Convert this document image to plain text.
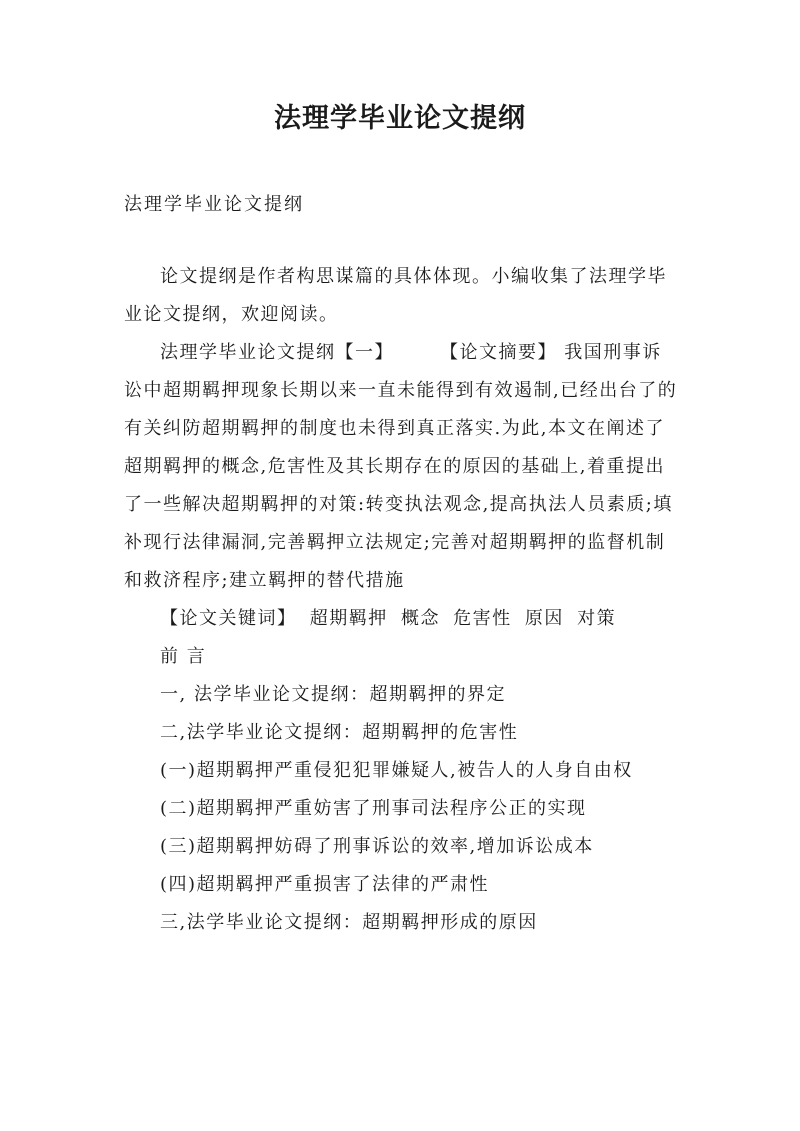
法理学毕业论文提纲
法理学毕业论文提纲

论文提纲是作者构思谋篇的具体体现。小编收集了法理学毕业论文提纲，欢迎阅读。

法理学毕业论文提纲【一】	【论文摘要】 我国刑事诉讼中超期羁押现象长期以来一直未能得到有效遏制,已经出台了的有关纠防超期羁押的制度也未得到真正落实.为此,本文在阐述了超期羁押的概念,危害性及其长期存在的原因的基础上,着重提出了一些解决超期羁押的对策:转变执法观念,提高执法人员素质;填补现行法律漏洞,完善羁押立法规定;完善对超期羁押的监督机制和救济程序;建立羁押的替代措施

【论文关键词】 超期羁押 概念 危害性 原因 对策

前 言

一, 法学毕业论文提纲：超期羁押的界定

二,法学毕业论文提纲：超期羁押的危害性

(一)超期羁押严重侵犯犯罪嫌疑人,被告人的人身自由权

(二)超期羁押严重妨害了刑事司法程序公正的实现

(三)超期羁押妨碍了刑事诉讼的效率,增加诉讼成本

(四)超期羁押严重损害了法律的严肃性

三,法学毕业论文提纲：超期羁押形成的原因
